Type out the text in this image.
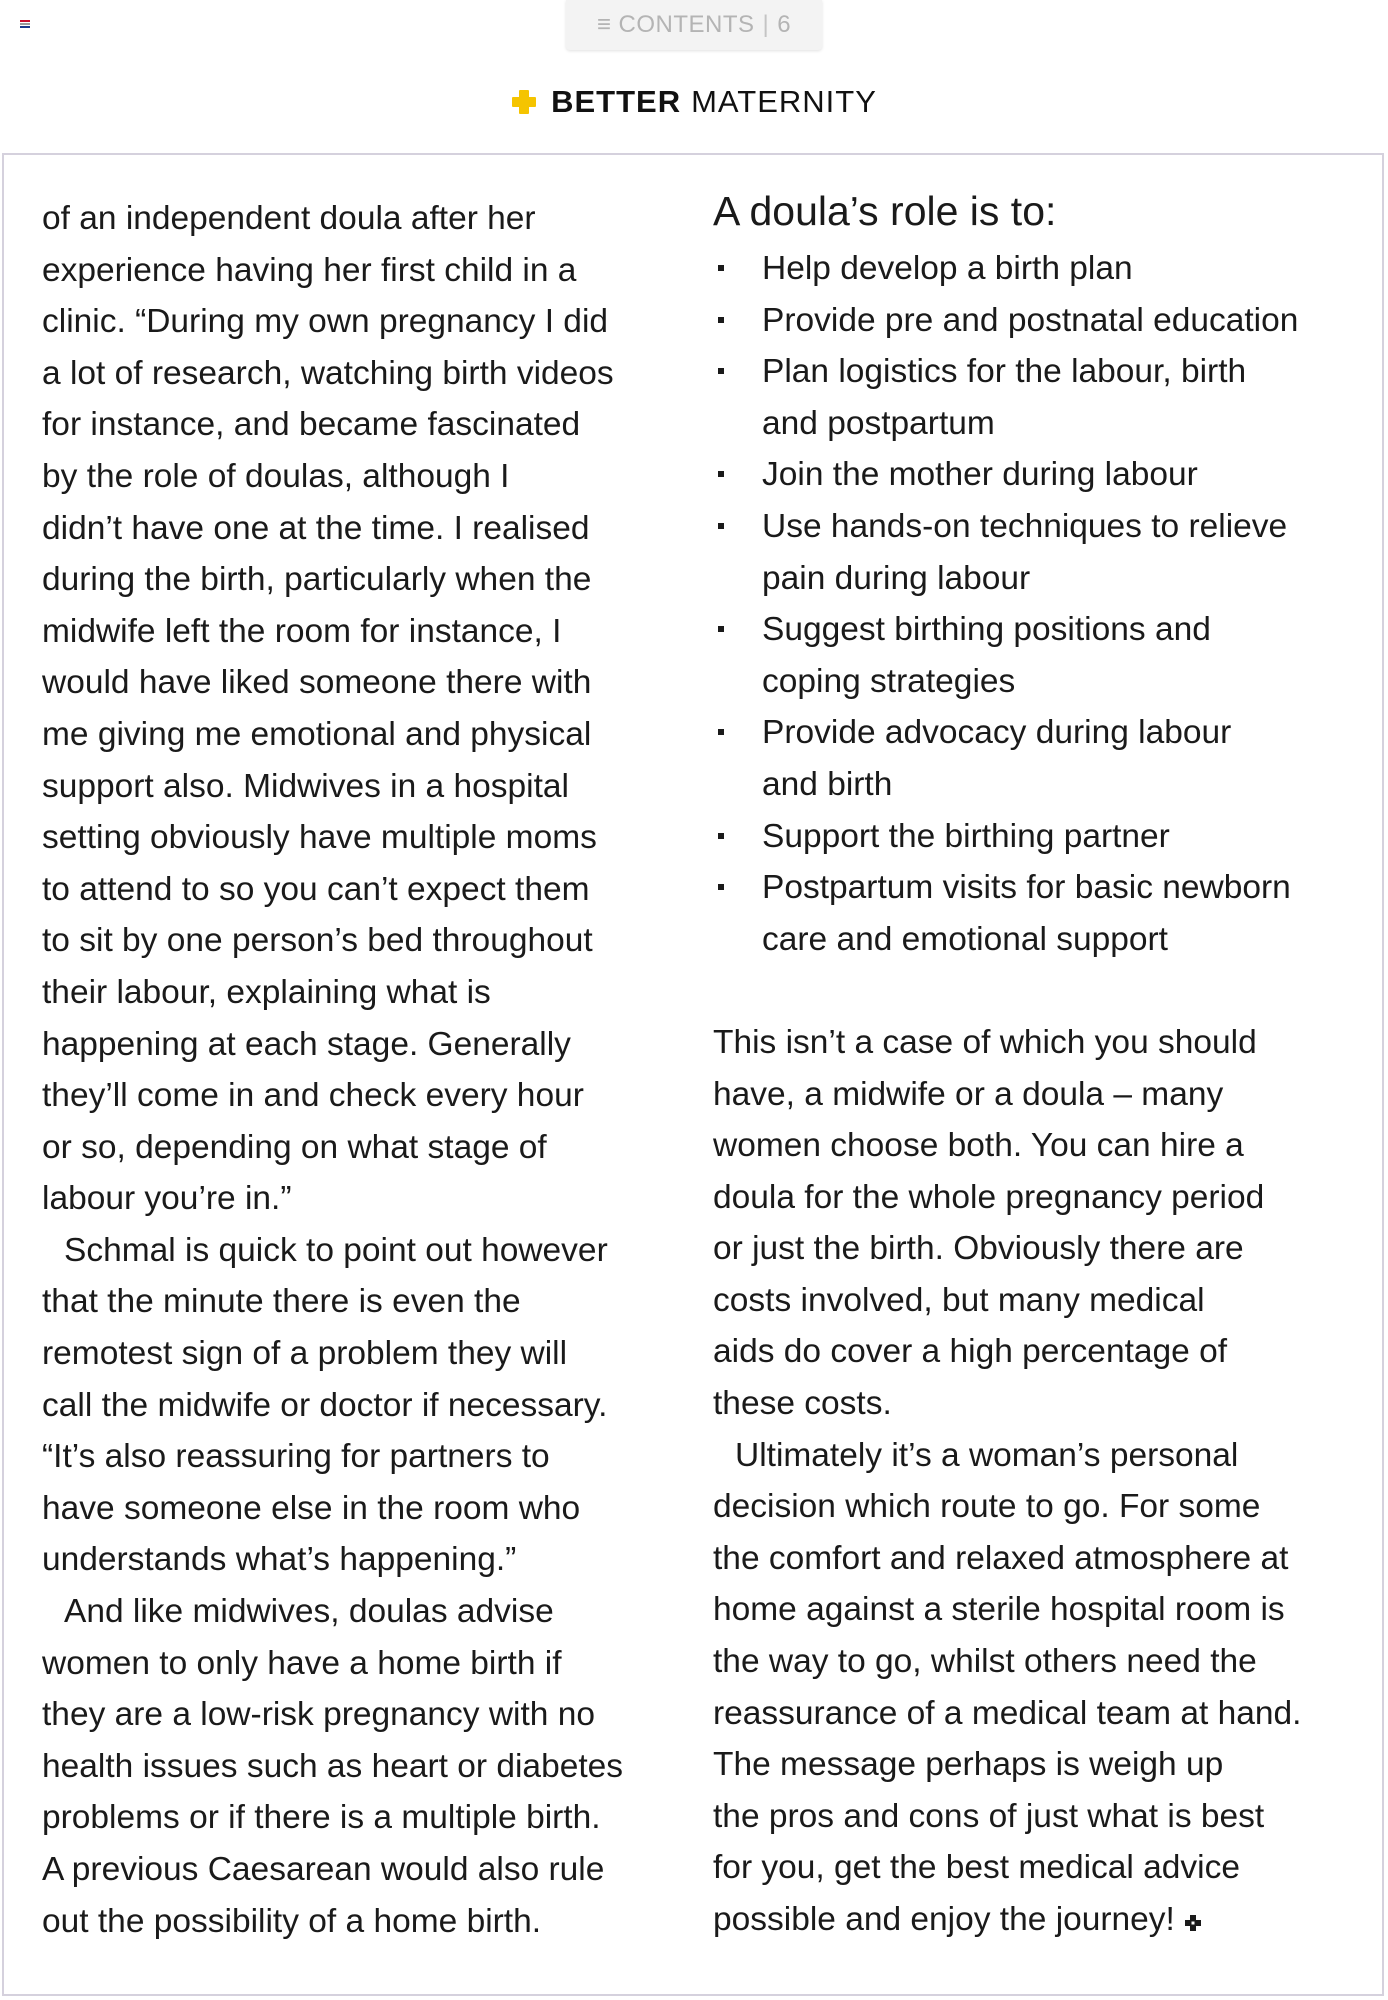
≡ CONTENTS | 6
BETTER MATERNITY

of an independent doula after her
experience having her first child in a
clinic. “During my own pregnancy I did
a lot of research, watching birth videos
for instance, and became fascinated
by the role of doulas, although I
didn’t have one at the time. I realised
during the birth, particularly when the
midwife left the room for instance, I
would have liked someone there with
me giving me emotional and physical
support also. Midwives in a hospital
setting obviously have multiple moms
to attend to so you can’t expect them
to sit by one person’s bed throughout
their labour, explaining what is
happening at each stage. Generally
they’ll come in and check every hour
or so, depending on what stage of
labour you’re in.”

Schmal is quick to point out however
that the minute there is even the
remotest sign of a problem they will
call the midwife or doctor if necessary.
“It’s also reassuring for partners to
have someone else in the room who
understands what’s happening.”

And like midwives, doulas advise
women to only have a home birth if
they are a low-risk pregnancy with no
health issues such as heart or diabetes
problems or if there is a multiple birth.
A previous Caesarean would also rule
out the possibility of a home birth.

A doula’s role is to:
Help develop a birth plan
Provide pre and postnatal education
Plan logistics for the labour, birth
and postpartum
Join the mother during labour
Use hands-on techniques to relieve
pain during labour
Suggest birthing positions and
coping strategies
Provide advocacy during labour
and birth
Support the birthing partner
Postpartum visits for basic newborn
care and emotional support

This isn’t a case of which you should
have, a midwife or a doula – many
women choose both. You can hire a
doula for the whole pregnancy period
or just the birth. Obviously there are
costs involved, but many medical
aids do cover a high percentage of
these costs.

Ultimately it’s a woman’s personal
decision which route to go. For some
the comfort and relaxed atmosphere at
home against a sterile hospital room is
the way to go, whilst others need the
reassurance of a medical team at hand.
The message perhaps is weigh up
the pros and cons of just what is best
for you, get the best medical advice
possible and enjoy the journey!
